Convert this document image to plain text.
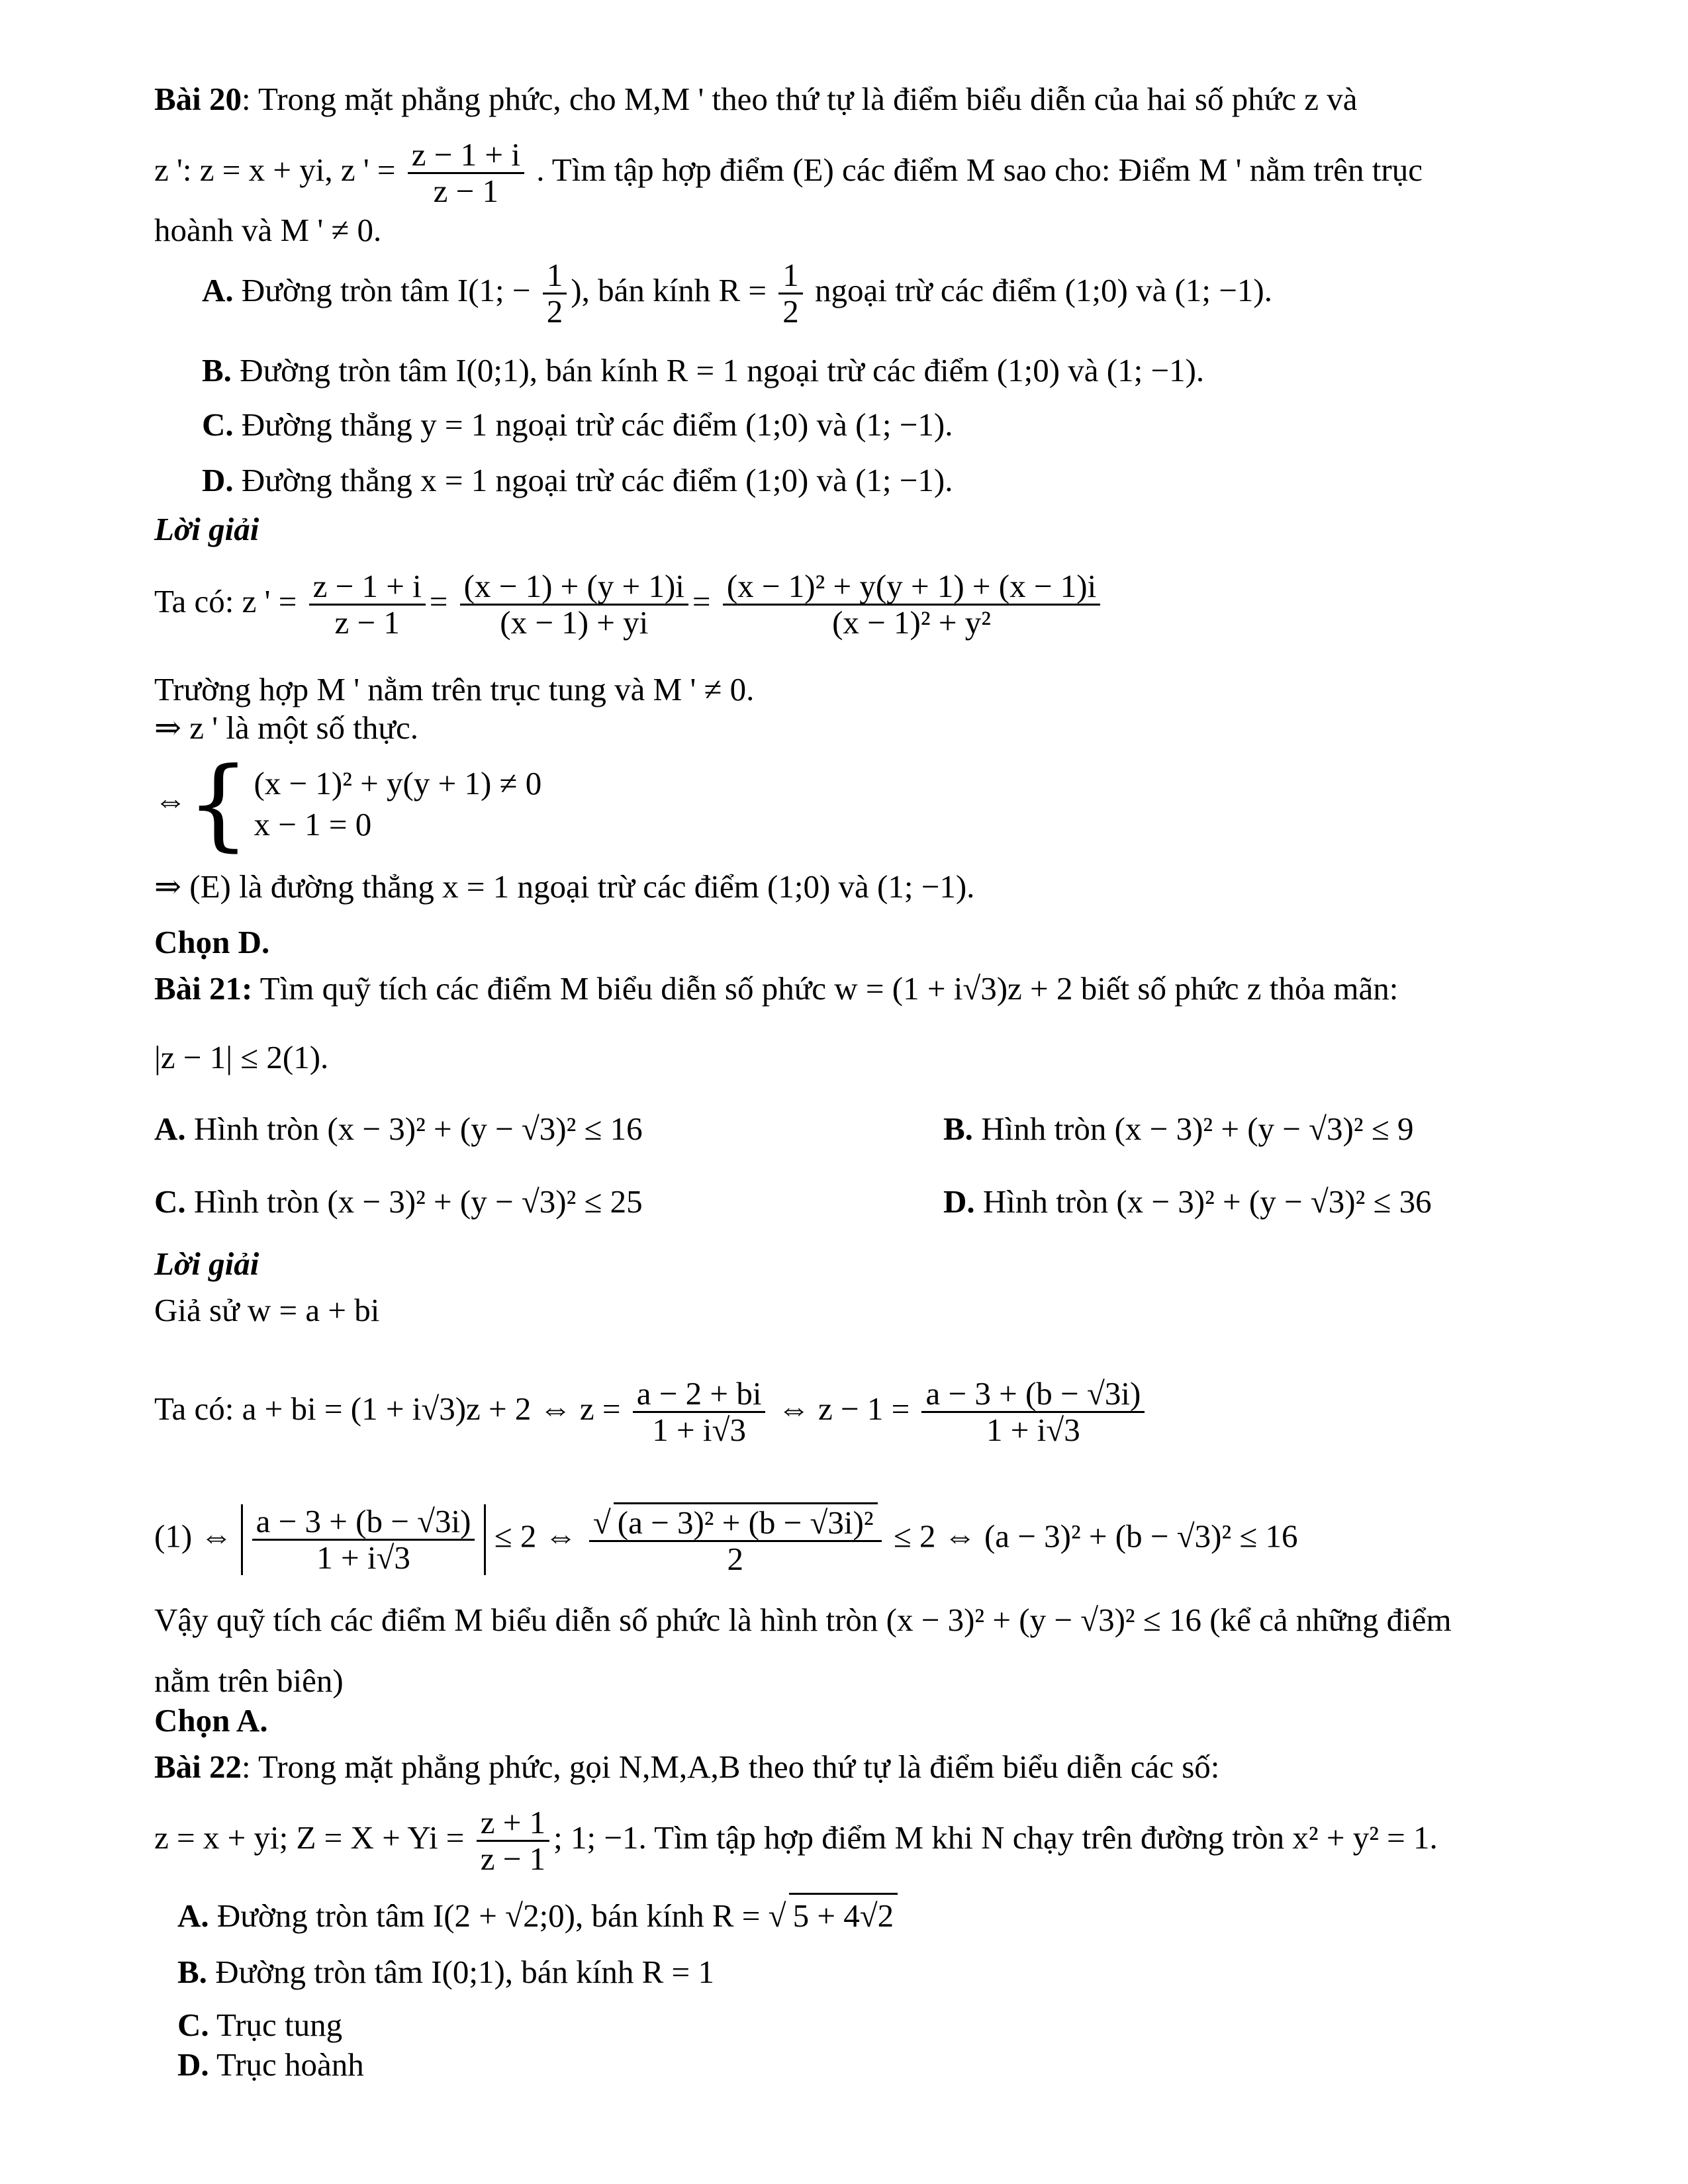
Bài 20: Trong mặt phẳng phức, cho M,M ' theo thứ tự là điểm biểu diễn của hai số phức z và
z ': z = x + yi, z ' = $\frac{z - 1 + i}{z - 1}$ . Tìm tập hợp điểm (E) các điểm M sao cho: Điểm M ' nằm trên trục
hoành và M ' ≠ 0.
A. Đường tròn tâm I(1; − $\frac{1}{2}$ ), bán kính $R = \frac{1}{2}$ ngoại trừ các điểm (1;0) và (1; −1).
B. Đường tròn tâm I(0;1), bán kính R = 1 ngoại trừ các điểm (1;0) và (1; −1).
C. Đường thẳng y = 1 ngoại trừ các điểm (1;0) và (1; −1).
D. Đường thẳng x = 1 ngoại trừ các điểm (1;0) và (1; −1).
Lời giải
Ta có: z ' = $\frac{z - 1 + i}{z - 1} = \frac{(x - 1) + (y + 1)i}{(x - 1) + yi} = \frac{\text{(x − 1)² + y(y + 1) + (x − 1)i}}{\text{(x − 1)² + y²}}$
Trường hợp M ' nằm trên trục tung và M ' ≠ 0.
⇒ z ' là một số thực.
⇔{ (x − 1)² + y(y + 1) ≠ 0
x − 1 = 0
⇒ (E) là đường thẳng x = 1 ngoại trừ các điểm (1;0) và (1; −1).
Chọn D.
Bài 21: Tìm quỹ tích các điểm M biểu diễn số phức w = (1 + i√3)z + 2 biết số phức z thỏa mãn:
|z − 1| ≤ 2(1).
A. Hình tròn (x − 3)² + (y − √3)² ≤ 16	B. Hình tròn (x − 3)² + (y − √3)² ≤ 9
C. Hình tròn (x − 3)² + (y − √3)² ≤ 25	D. Hình tròn (x − 3)² + (y − √3)² ≤ 36
Lời giải
Giả sử w = a + bi
Ta có: a + bi = (1 + i√3)z + 2 ⇔ $z = \frac{a - 2 + bi}{1 + i√3}$ ⇔ $z - 1 = \frac{a - 3 + (b - √3i)}{1 + i√3}$
(1) ⇔ $\frac{a - 3 + (b - √3i)}{1 + i√3} \le 2$ ⇔ $\frac{\text{√ (a − 3)² + (b − √3i)²}}{2} \le 2$ ⇔ (a − 3)² + (b − √3)² ≤ 16
Vậy quỹ tích các điểm M biểu diễn số phức là hình tròn (x − 3)² + (y − √3)² ≤ 16 (kể cả những điểm
nằm trên biên)
Chọn A.
Bài 22: Trong mặt phẳng phức, gọi N,M,A,B theo thứ tự là điểm biểu diễn các số:
z = x + yi; $Z = X + Yi = \frac{z + 1}{z - 1}$ ; 1; −1. Tìm tập hợp điểm M khi N chạy trên đường tròn x² + y² = 1.
A. Đường tròn tâm I(2 + √2;0), bán kính R = √ 5 + 4√2
B. Đường tròn tâm I(0;1), bán kính R = 1
C. Trục tung
D. Trục hoành
